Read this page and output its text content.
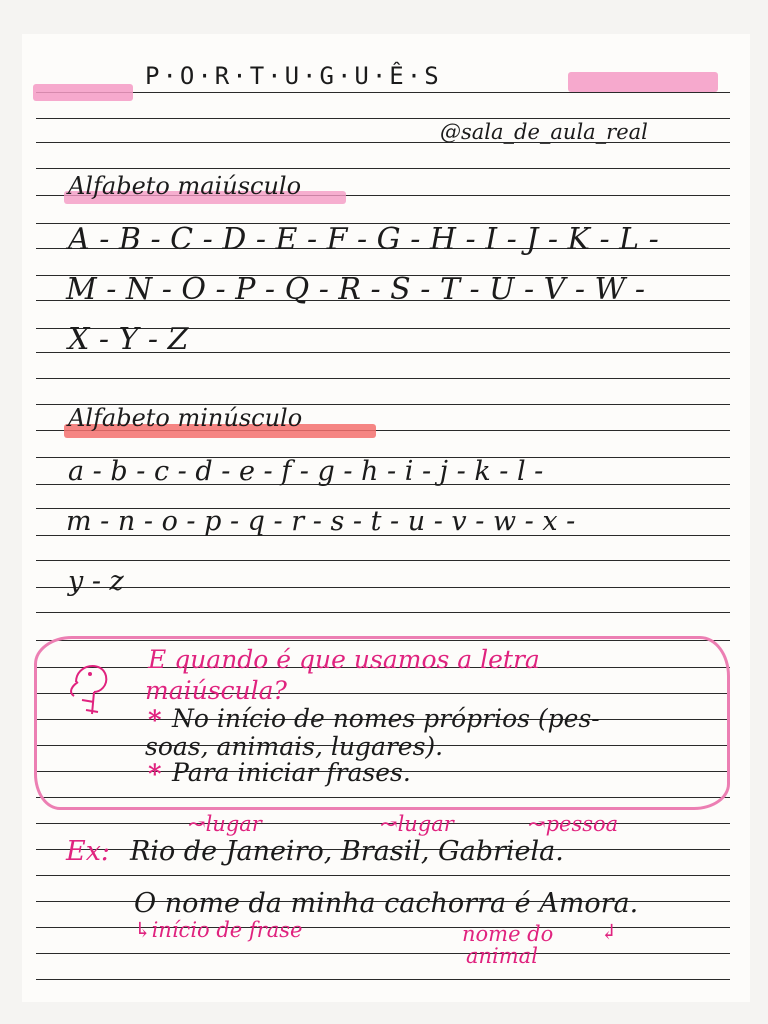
P·O·R·T·U·G·U·Ê·S
@sala_de_aula_real
Alfabeto maiúsculo
A - B - C - D - E - F - G - H - I - J - K - L -
M - N - O - P - Q - R - S - T - U - V - W -
X - Y - Z
Alfabeto minúsculo
a - b - c - d - e - f - g - h - i - j - k - l -
m - n - o - p - q - r - s - t - u - v - w - x -
y - z
E quando é que usamos a letra
maiúscula?
* No início de nomes próprios (pes-
soas, animais, lugares).
* Para iniciar frases.
↝lugar	↝lugar	↝pessoa
Ex: Rio de Janeiro, Brasil, Gabriela.
O nome da minha cachorra é Amora.
↳início de frase	nome do
animal
↲
